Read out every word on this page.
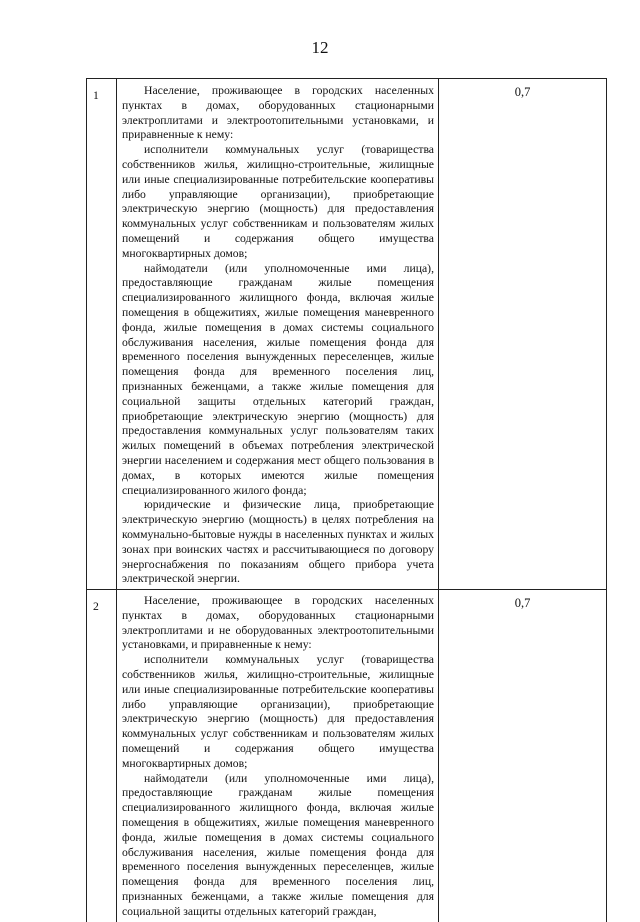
12
1	Население, проживающее в городских населенных пунктах в домах, оборудованных стационарными электроплитами и электроотопительными установками, и приравненные к нему:

исполнители коммунальных услуг (товарищества собственников жилья, жилищно-строительные, жилищные или иные специализированные потребительские кооперативы либо управляющие организации), приобретающие электрическую энергию (мощность) для предоставления коммунальных услуг собственникам и пользователям жилых помещений и содержания общего имущества многоквартирных домов;

наймодатели (или уполномоченные ими лица), предоставляющие гражданам жилые помещения специализированного жилищного фонда, включая жилые помещения в общежитиях, жилые помещения маневренного фонда, жилые помещения в домах системы социального обслуживания населения, жилые помещения фонда для временного поселения вынужденных переселенцев, жилые помещения фонда для временного поселения лиц, признанных беженцами, а также жилые помещения для социальной защиты отдельных категорий граждан, приобретающие электрическую энергию (мощность) для предоставления коммунальных услуг пользователям таких жилых помещений в объемах потребления электрической энергии населением и содержания мест общего пользования в домах, в которых имеются жилые помещения специализированного жилого фонда;

юридические и физические лица, приобретающие электрическую энергию (мощность) в целях потребления на коммунально-бытовые нужды в населенных пунктах и жилых зонах при воинских частях и рассчитывающиеся по договору энергоснабжения по показаниям общего прибора учета электрической энергии.	0,7

2	Население, проживающее в городских населенных пунктах в домах, оборудованных стационарными электроплитами и не оборудованных электроотопительными установками, и приравненные к нему:

исполнители коммунальных услуг (товарищества собственников жилья, жилищно-строительные, жилищные или иные специализированные потребительские кооперативы либо управляющие организации), приобретающие электрическую энергию (мощность) для предоставления коммунальных услуг собственникам и пользователям жилых помещений и содержания общего имущества многоквартирных домов;

наймодатели (или уполномоченные ими лица), предоставляющие гражданам жилые помещения специализированного жилищного фонда, включая жилые помещения в общежитиях, жилые помещения маневренного фонда, жилые помещения в домах системы социального обслуживания населения, жилые помещения фонда для временного поселения вынужденных переселенцев, жилые помещения фонда для временного поселения лиц, признанных беженцами, а также жилые помещения для социальной защиты отдельных категорий граждан,	0,7
